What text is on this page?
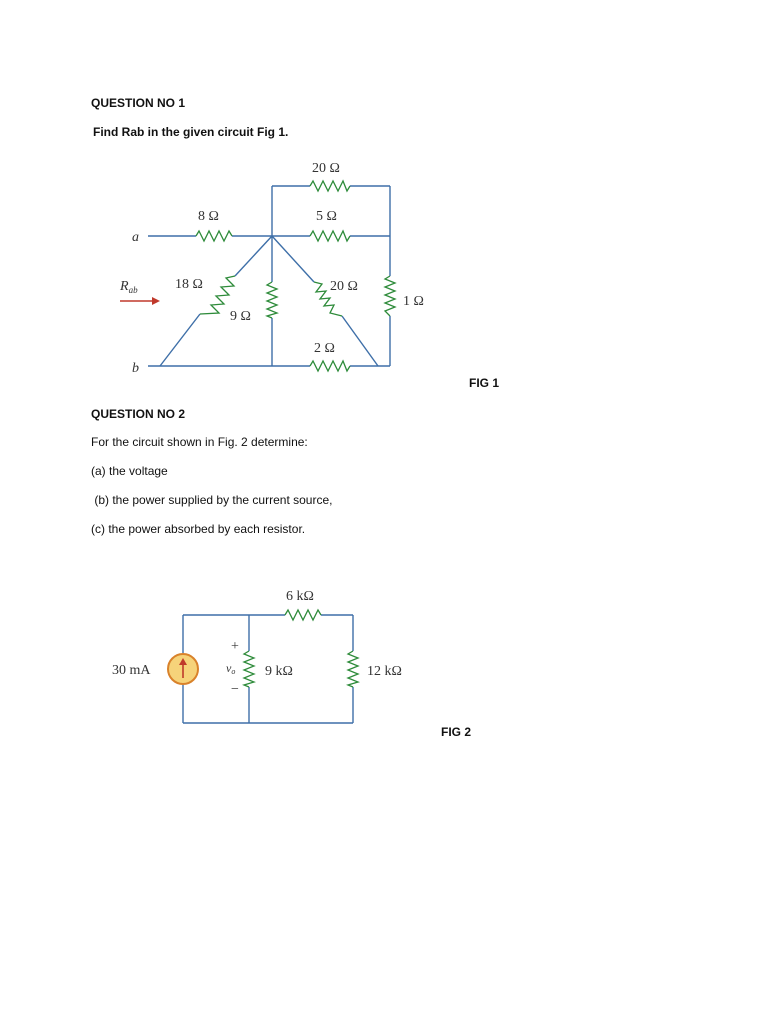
QUESTION NO 1
Find Rab in the given circuit Fig 1.
20 Ω
8 Ω	5 Ω
a
b
$R_{ab}$	18 Ω
9 Ω
20 Ω
1 Ω
2 Ω
FIG 1
QUESTION NO 2
For the circuit shown in Fig. 2 determine:
(a) the voltage
(b) the power supplied by the current source,
(c) the power absorbed by each resistor.
6 kΩ
30 mA
+
vo
−
9 kΩ	12 kΩ
FIG 2
